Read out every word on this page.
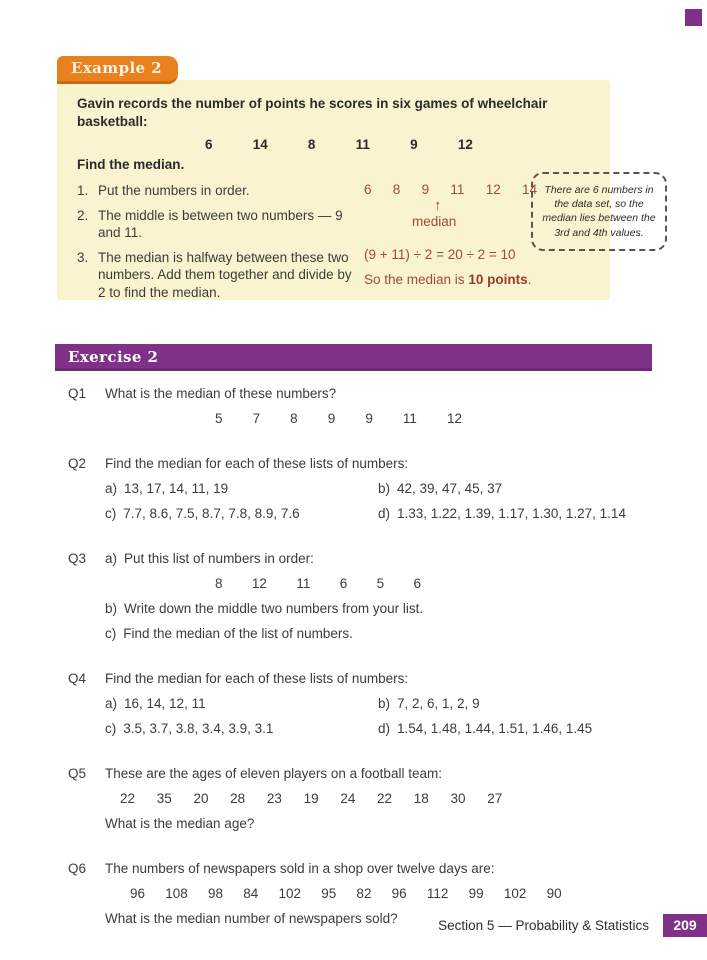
Example 2

Gavin records the number of points he scores in six games of wheelchair basketball:

6 14 8 11 9 12

Find the median.

Put the numbers in order.
The middle is between two numbers — 9 and 11.
The median is halfway between these two numbers. Add them together and divide by 2 to find the median.
6 8 9 11 12 14
↑
median
(9 + 11) ÷ 2 = 20 ÷ 2 = 10

So the median is 10 points.

There are 6 numbers in the data set, so the median lies between the 3rd and 4th values.
Exercise 2
Q1	What is the median of these numbers?
5 7 8 9 9 11 12
Q2	Find the median for each of these lists of numbers:
a) 13, 17, 14, 11, 19	b) 42, 39, 47, 45, 37
c) 7.7, 8.6, 7.5, 8.7, 7.8, 8.9, 7.6	d) 1.33, 1.22, 1.39, 1.17, 1.30, 1.27, 1.14
Q3	a) Put this list of numbers in order:
8 12 11 6 5 6
b) Write down the middle two numbers from your list.
c) Find the median of the list of numbers.
Q4	Find the median for each of these lists of numbers:
a) 16, 14, 12, 11	b) 7, 2, 6, 1, 2, 9
c) 3.5, 3.7, 3.8, 3.4, 3.9, 3.1	d) 1.54, 1.48, 1.44, 1.51, 1.46, 1.45
Q5	These are the ages of eleven players on a football team:
22 35 20 28 23 19 24 22 18 30 27
What is the median age?
Q6	The numbers of newspapers sold in a shop over twelve days are:
96 108 98 84 102 95 82 96 112 99 102 90
What is the median number of newspapers sold?	Section 5 — Probability & Statistics	209
